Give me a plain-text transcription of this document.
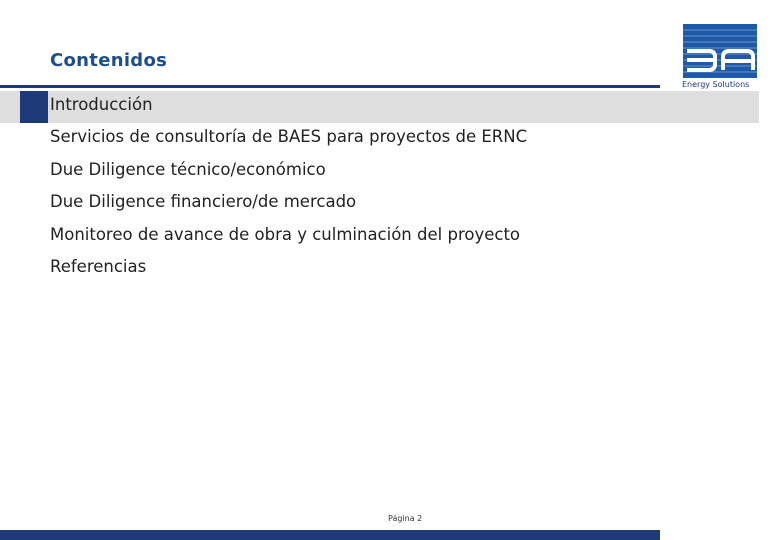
Contenidos
Energy Solutions
Introducción
Servicios de consultoría de BAES para proyectos de ERNC
Due Diligence técnico/económico
Due Diligence financiero/de mercado
Monitoreo de avance de obra y culminación del proyecto
Referencias
Página 2
